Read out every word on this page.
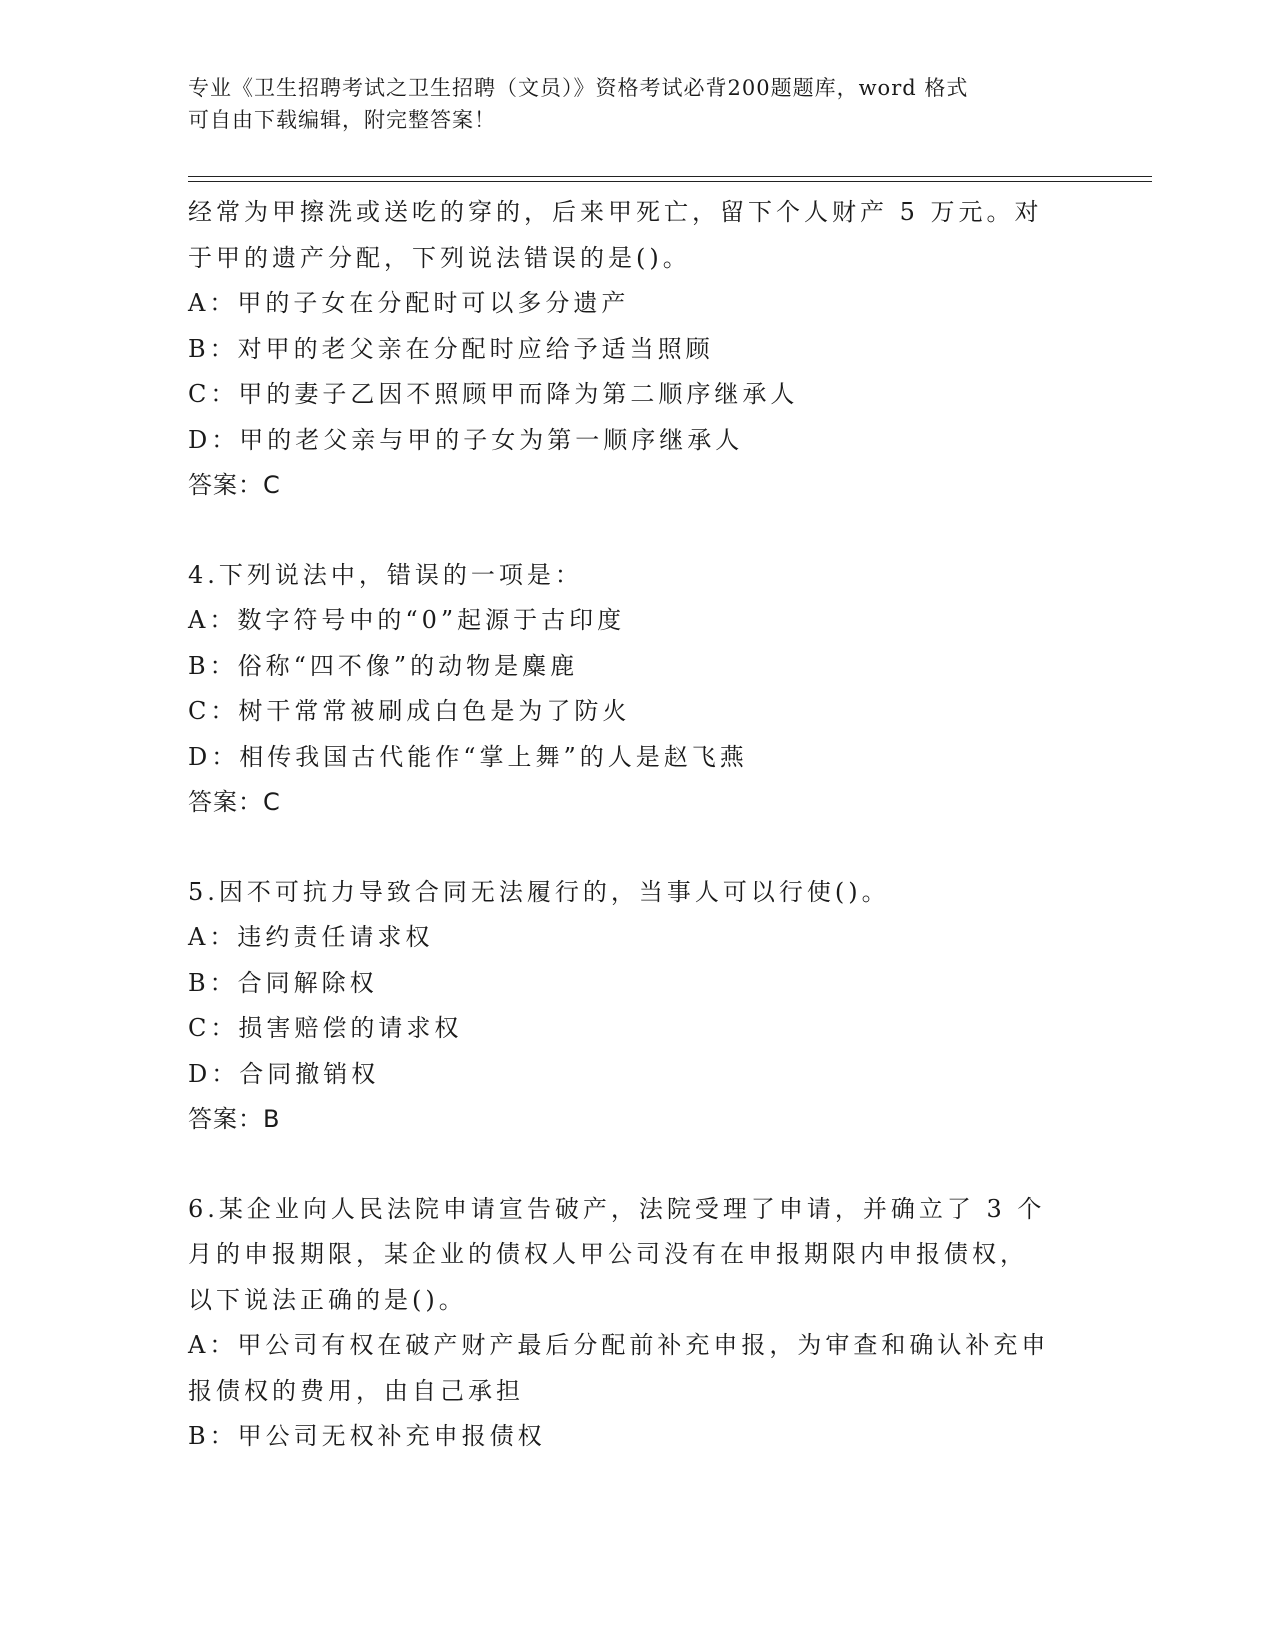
专业《卫生招聘考试之卫生招聘（文员）》资格考试必背200题题库，word 格式
可自由下载编辑，附完整答案！
经常为甲擦洗或送吃的穿的，后来甲死亡，留下个人财产 5 万元。对
于甲的遗产分配，下列说法错误的是()。
A：甲的子女在分配时可以多分遗产
B：对甲的老父亲在分配时应给予适当照顾
C：甲的妻子乙因不照顾甲而降为第二顺序继承人
D：甲的老父亲与甲的子女为第一顺序继承人
答案：C
4.下列说法中，错误的一项是：
A：数字符号中的“0”起源于古印度
B：俗称“四不像”的动物是麋鹿
C：树干常常被刷成白色是为了防火
D：相传我国古代能作“掌上舞”的人是赵飞燕
答案：C
5.因不可抗力导致合同无法履行的，当事人可以行使()。
A：违约责任请求权
B：合同解除权
C：损害赔偿的请求权
D：合同撤销权
答案：B
6.某企业向人民法院申请宣告破产，法院受理了申请，并确立了 3 个
月的申报期限，某企业的债权人甲公司没有在申报期限内申报债权，
以下说法正确的是()。
A：甲公司有权在破产财产最后分配前补充申报，为审查和确认补充申
报债权的费用，由自己承担
B：甲公司无权补充申报债权
